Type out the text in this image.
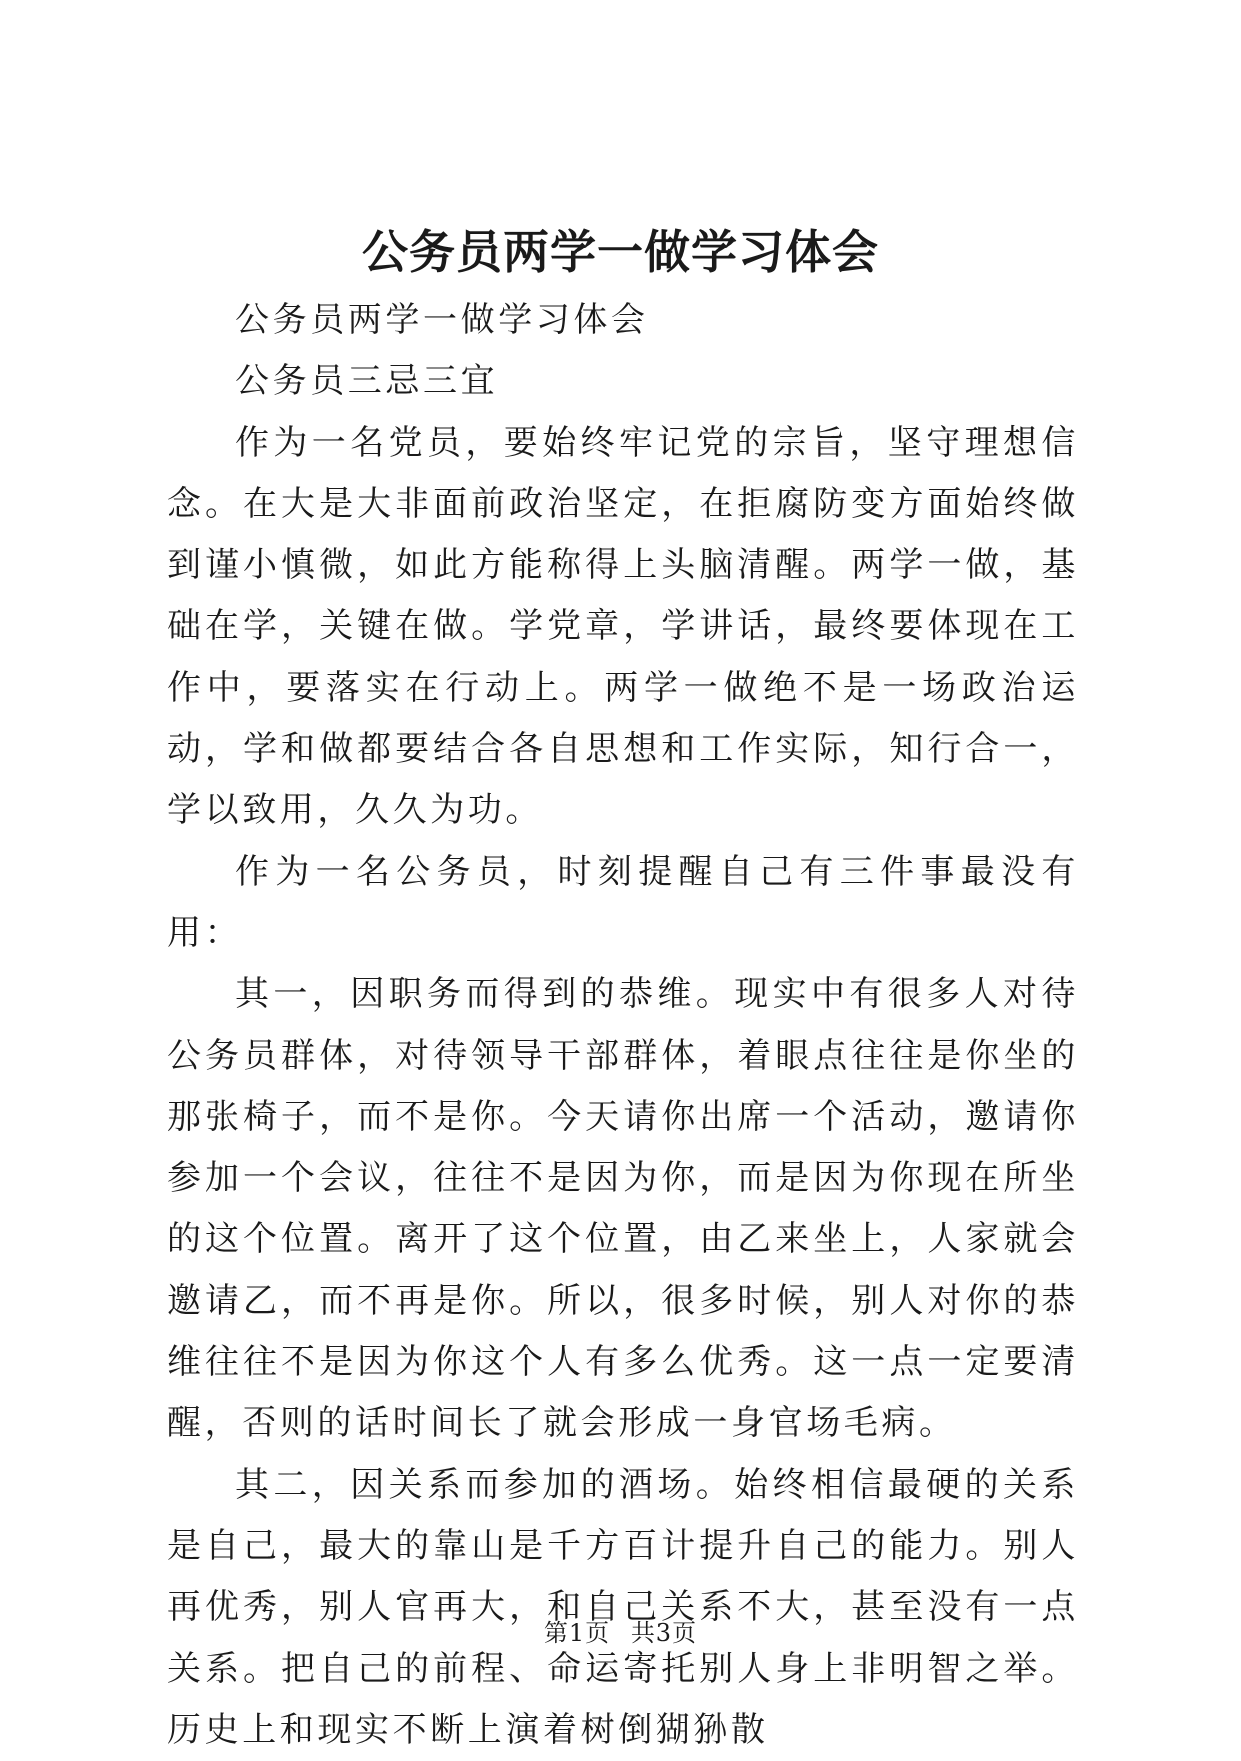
公务员两学一做学习体会

公务员两学一做学习体会

公务员三忌三宜

作为一名党员，要始终牢记党的宗旨，坚守理想信念。在大是大非面前政治坚定，在拒腐防变方面始终做到谨小慎微，如此方能称得上头脑清醒。两学一做，基础在学，关键在做。学党章，学讲话，最终要体现在工作中，要落实在行动上。两学一做绝不是一场政治运动，学和做都要结合各自思想和工作实际，知行合一，学以致用，久久为功。

作为一名公务员，时刻提醒自己有三件事最没有用：

其一，因职务而得到的恭维。现实中有很多人对待公务员群体，对待领导干部群体，着眼点往往是你坐的那张椅子，而不是你。今天请你出席一个活动，邀请你参加一个会议，往往不是因为你，而是因为你现在所坐的这个位置。离开了这个位置，由乙来坐上，人家就会邀请乙，而不再是你。所以，很多时候，别人对你的恭维往往不是因为你这个人有多么优秀。这一点一定要清醒，否则的话时间长了就会形成一身官场毛病。

其二，因关系而参加的酒场。始终相信最硬的关系是自己，最大的靠山是千方百计提升自己的能力。别人再优秀，别人官再大，和自己关系不大，甚至没有一点关系。把自己的前程、命运寄托别人身上非明智之举。历史上和现实不断上演着树倒猢狲散

第1页 共3页
